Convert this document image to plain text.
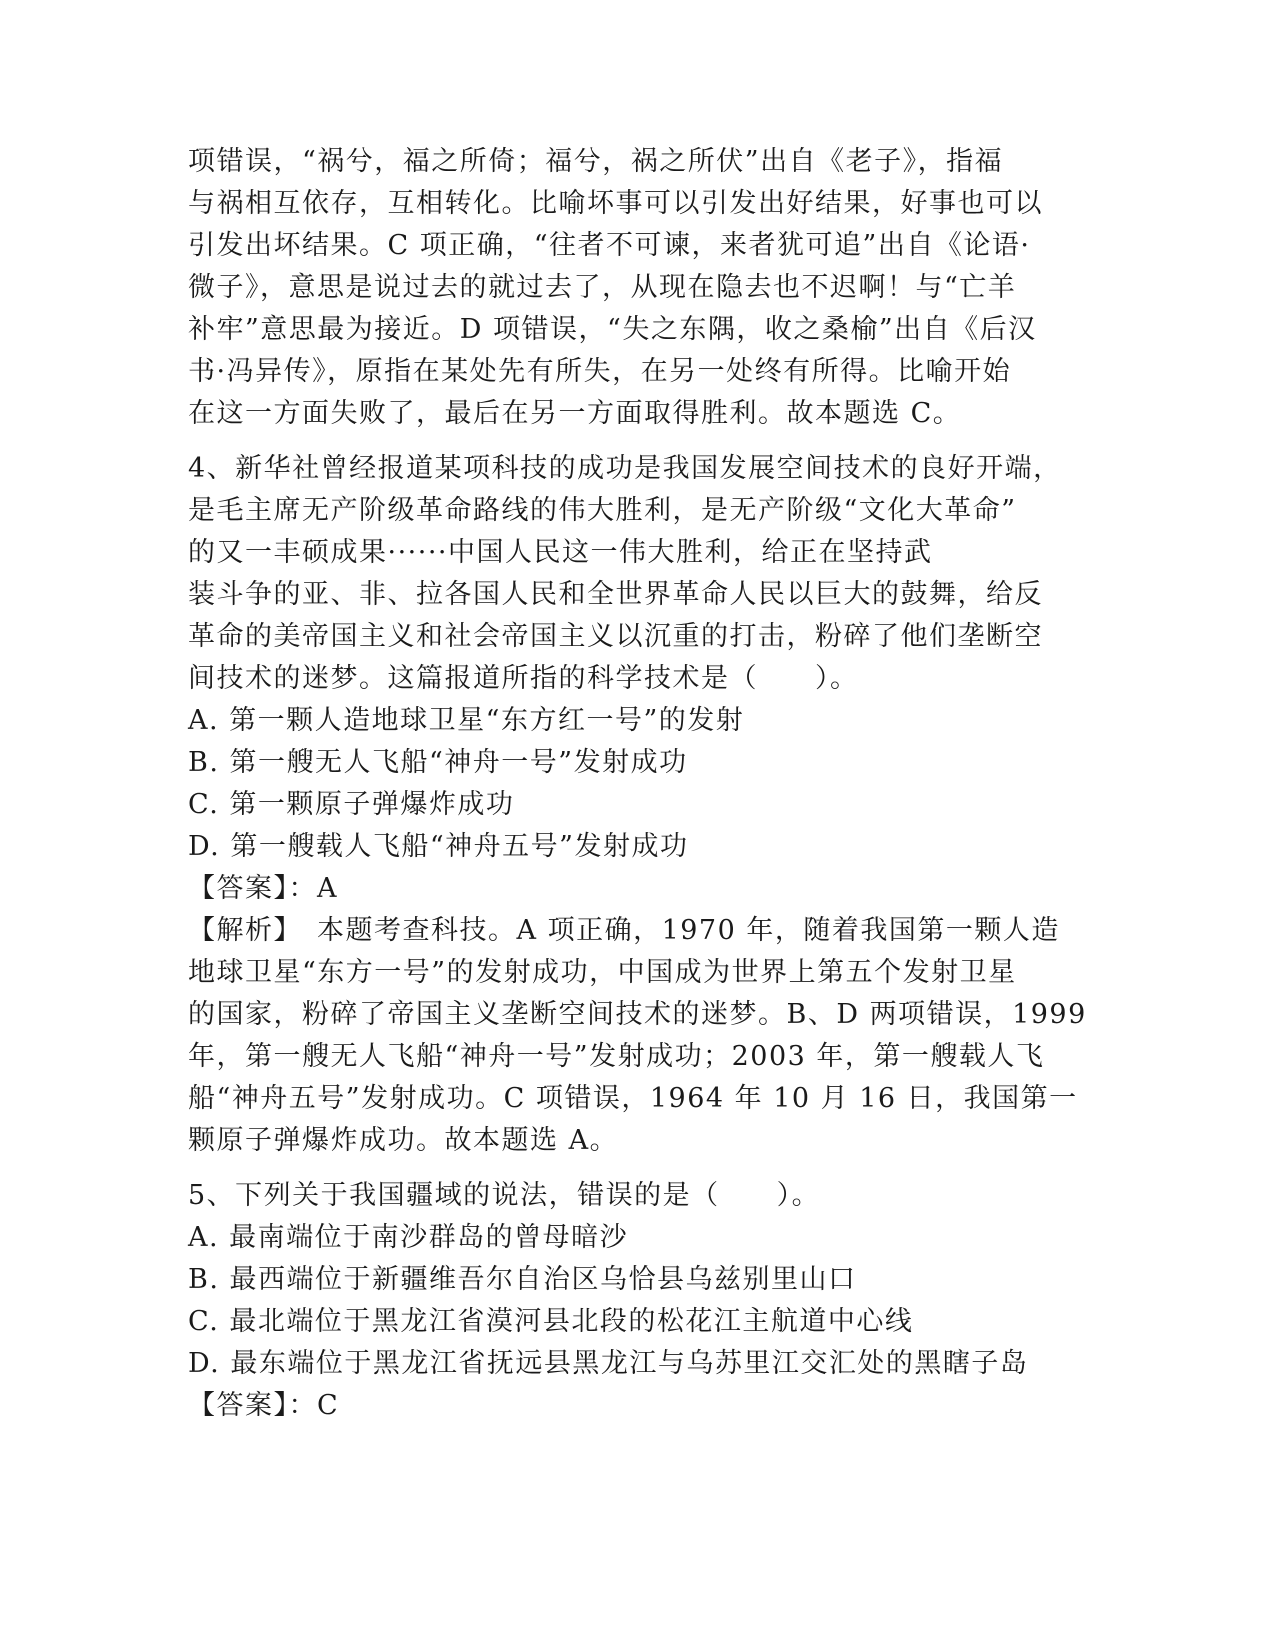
项错误，“祸兮，福之所倚；福兮，祸之所伏”出自《老子》，指福
与祸相互依存，互相转化。比喻坏事可以引发出好结果，好事也可以
引发出坏结果。C 项正确，“往者不可谏，来者犹可追”出自《论语·
微子》，意思是说过去的就过去了，从现在隐去也不迟啊！与“亡羊
补牢”意思最为接近。D 项错误，“失之东隅，收之桑榆”出自《后汉
书·冯异传》，原指在某处先有所失，在另一处终有所得。比喻开始
在这一方面失败了，最后在另一方面取得胜利。故本题选 C。
4、新华社曾经报道某项科技的成功是我国发展空间技术的良好开端，
是毛主席无产阶级革命路线的伟大胜利，是无产阶级“文化大革命”
的又一丰硕成果······中国人民这一伟大胜利，给正在坚持武
装斗争的亚、非、拉各国人民和全世界革命人民以巨大的鼓舞，给反
革命的美帝国主义和社会帝国主义以沉重的打击，粉碎了他们垄断空
间技术的迷梦。这篇报道所指的科学技术是（　　）。
A. 第一颗人造地球卫星“东方红一号”的发射
B. 第一艘无人飞船“神舟一号”发射成功
C. 第一颗原子弹爆炸成功
D. 第一艘载人飞船“神舟五号”发射成功
【答案】：A
【解析】　本题考查科技。A 项正确，1970 年，随着我国第一颗人造
地球卫星“东方一号”的发射成功，中国成为世界上第五个发射卫星
的国家，粉碎了帝国主义垄断空间技术的迷梦。B、D 两项错误，1999
年，第一艘无人飞船“神舟一号”发射成功；2003 年，第一艘载人飞
船“神舟五号”发射成功。C 项错误，1964 年 10 月 16 日，我国第一
颗原子弹爆炸成功。故本题选 A。
5、下列关于我国疆域的说法，错误的是（　　）。
A. 最南端位于南沙群岛的曾母暗沙
B. 最西端位于新疆维吾尔自治区乌恰县乌兹别里山口
C. 最北端位于黑龙江省漠河县北段的松花江主航道中心线
D. 最东端位于黑龙江省抚远县黑龙江与乌苏里江交汇处的黑瞎子岛
【答案】：C
